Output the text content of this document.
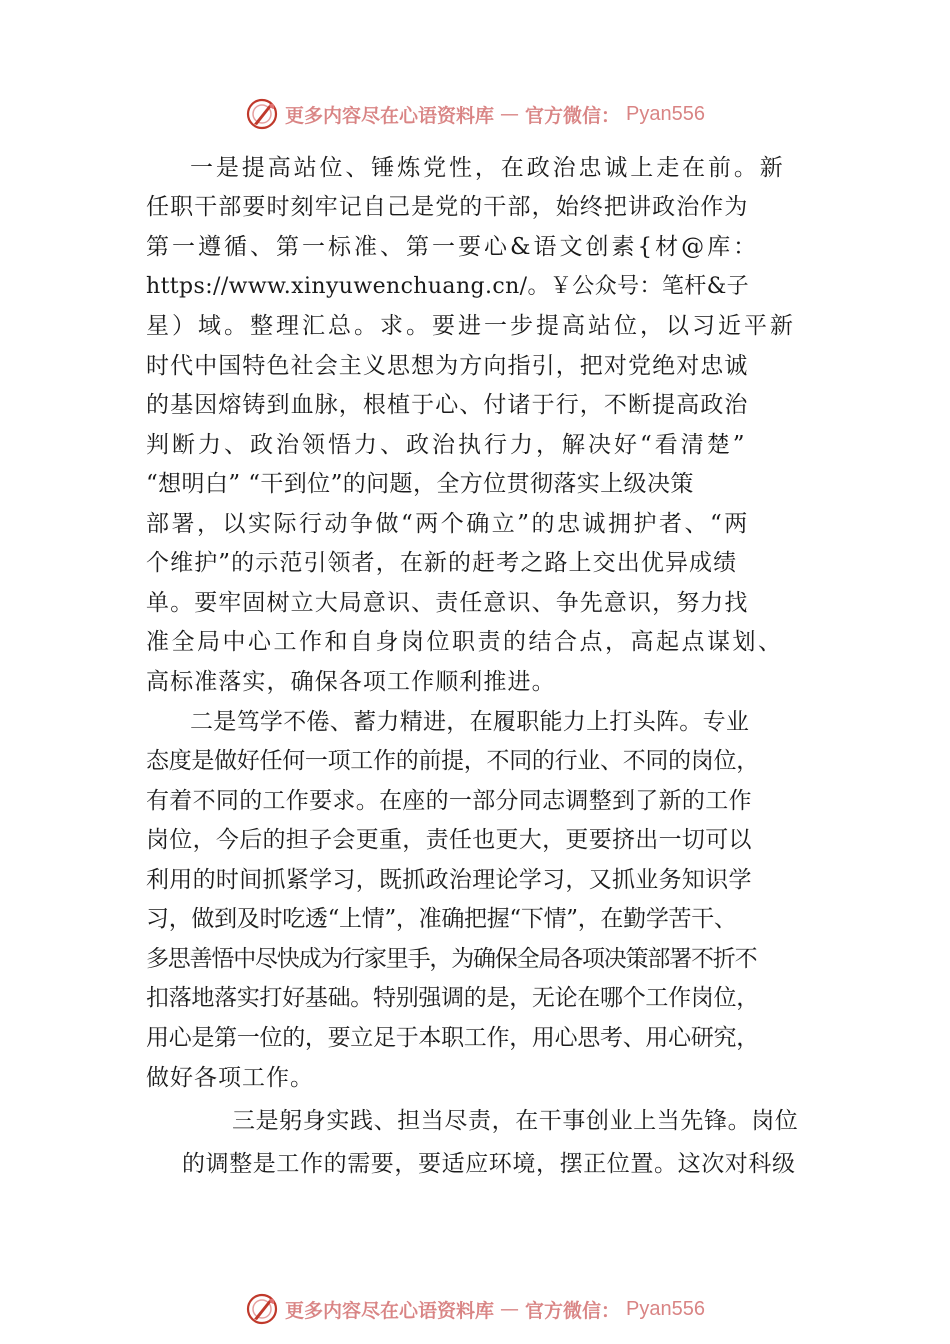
更多内容尽在心语资料库 — 官方微信： Pyan556
一是提高站位、锤炼党性，在政治忠诚上走在前。新
任职干部要时刻牢记自己是党的干部，始终把讲政治作为
第一遵循、第一标准、第一要心&语文创素{材@库：
https://www.xinyuwenchuang.cn/。￥公众号：笔杆&子
星）域。整理汇总。求。要进一步提高站位，以习近平新
时代中国特色社会主义思想为方向指引，把对党绝对忠诚
的基因熔铸到血脉，根植于心、付诸于行，不断提高政治
判断力、政治领悟力、政治执行力，解决好“看清楚”
“想明白” “干到位”的问题，全方位贯彻落实上级决策
部署，以实际行动争做“两个确立”的忠诚拥护者、“两
个维护”的示范引领者，在新的赶考之路上交出优异成绩
单。要牢固树立大局意识、责任意识、争先意识，努力找
准全局中心工作和自身岗位职责的结合点，高起点谋划、
高标准落实，确保各项工作顺利推进。
二是笃学不倦、蓄力精进，在履职能力上打头阵。专业
态度是做好任何一项工作的前提，不同的行业、不同的岗位，
有着不同的工作要求。在座的一部分同志调整到了新的工作
岗位，今后的担子会更重，责任也更大，更要挤出一切可以
利用的时间抓紧学习，既抓政治理论学习，又抓业务知识学
习，做到及时吃透“上情”，准确把握“下情”，在勤学苦干、
多思善悟中尽快成为行家里手，为确保全局各项决策部署不折不
扣落地落实打好基础。特别强调的是，无论在哪个工作岗位，
用心是第一位的，要立足于本职工作，用心思考、用心研究，
做好各项工作。
三是躬身实践、担当尽责，在干事创业上当先锋。岗位
的调整是工作的需要，要适应环境，摆正位置。这次对科级
更多内容尽在心语资料库 — 官方微信： Pyan556
